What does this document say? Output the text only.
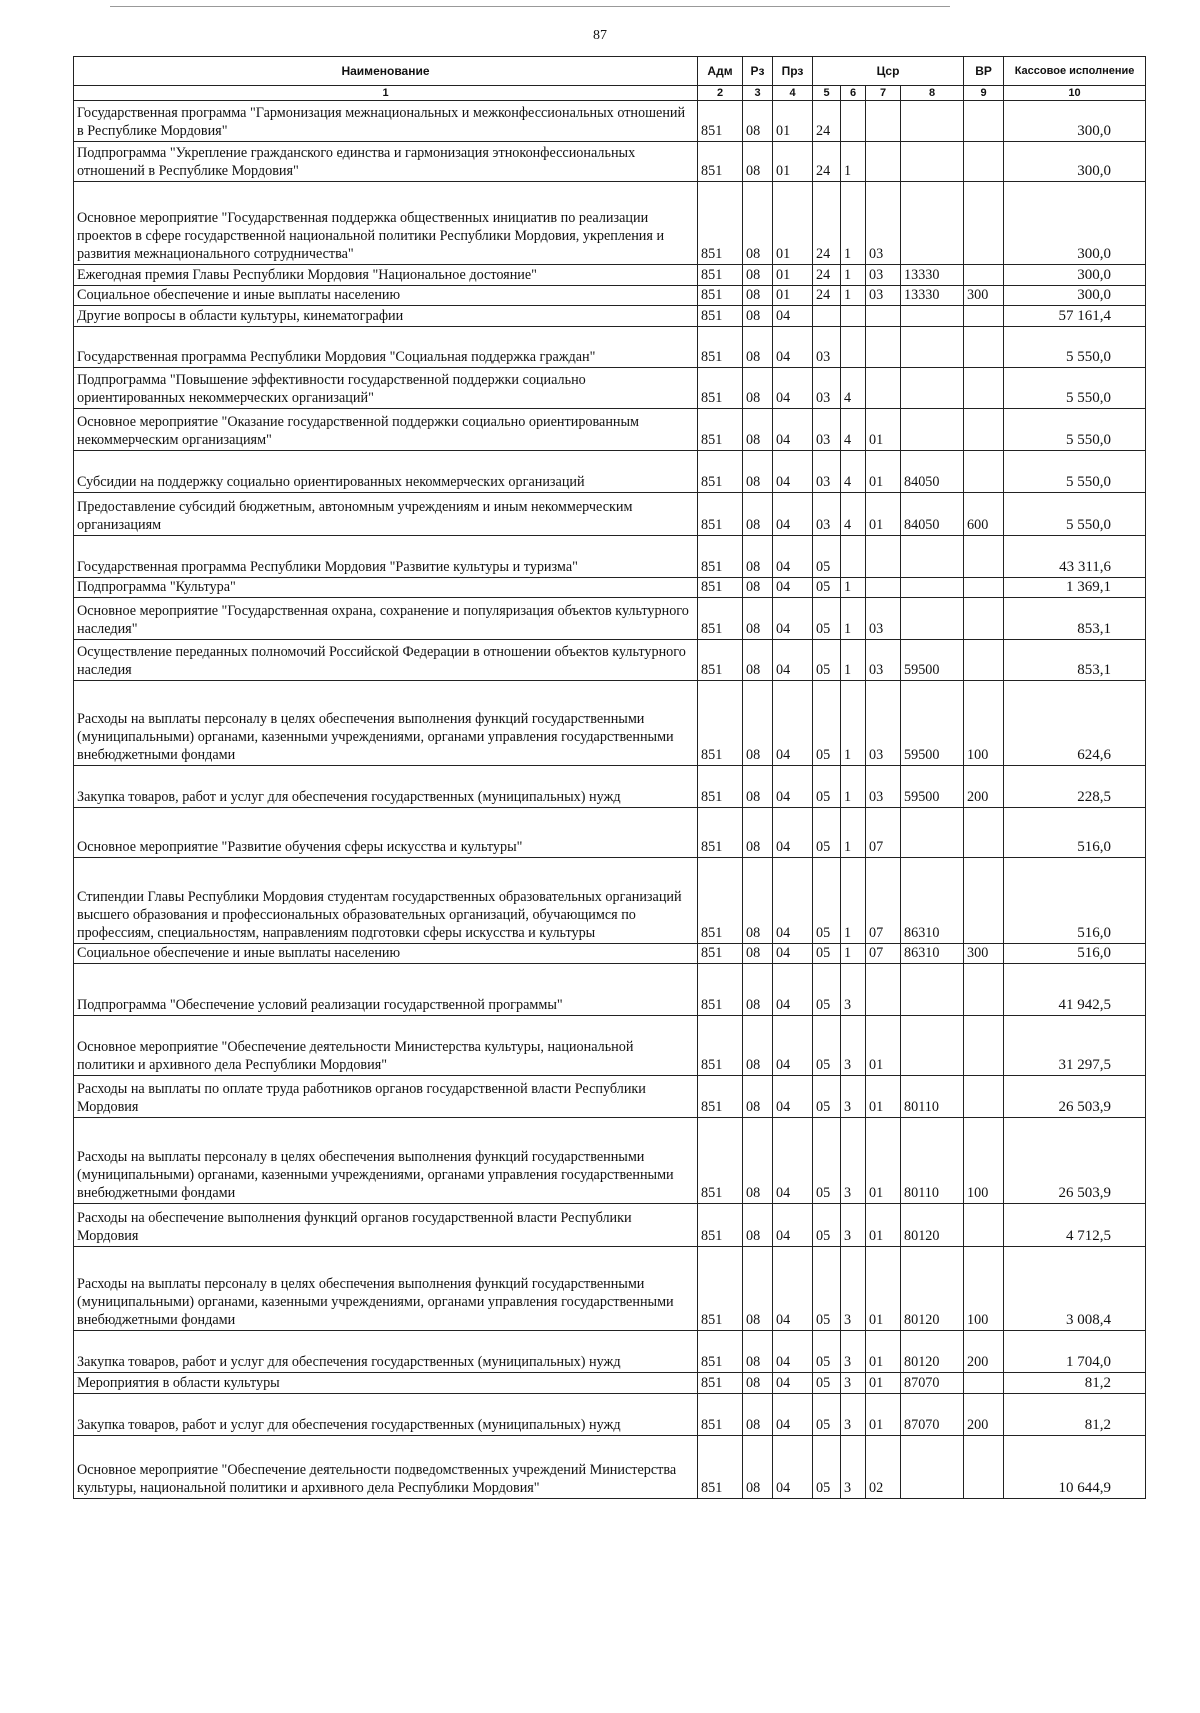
87
Наименование	Адм	Рз	Прз	Цср				ВР	Кассовое исполнение
1	2	3	4	5	6	7	8	9	10
Государственная программа "Гармонизация межнациональных и межконфессиональных отношений в Республике Мордовия"	851	08	01	24					300,0
Подпрограмма "Укрепление гражданского единства и гармонизация этноконфессиональных отношений в Республике Мордовия"	851	08	01	24	1				300,0
Основное мероприятие "Государственная поддержка общественных инициатив по реализации проектов в сфере государственной национальной политики Республики Мордовия, укрепления и развития межнационального сотрудничества"	851	08	01	24	1	03			300,0
Ежегодная премия Главы Республики Мордовия "Национальное достояние"	851	08	01	24	1	03	13330		300,0
Социальное обеспечение и иные выплаты населению	851	08	01	24	1	03	13330	300	300,0
Другие вопросы в области культуры, кинематографии	851	08	04						57 161,4
Государственная программа Республики Мордовия "Социальная поддержка граждан"	851	08	04	03					5 550,0
Подпрограмма "Повышение эффективности государственной поддержки социально ориентированных некоммерческих организаций"	851	08	04	03	4				5 550,0
Основное мероприятие "Оказание государственной поддержки социально ориентированным некоммерческим организациям"	851	08	04	03	4	01			5 550,0
Субсидии на поддержку социально ориентированных некоммерческих организаций	851	08	04	03	4	01	84050		5 550,0
Предоставление субсидий бюджетным, автономным учреждениям и иным некоммерческим организациям	851	08	04	03	4	01	84050	600	5 550,0
Государственная программа Республики Мордовия "Развитие культуры и туризма"	851	08	04	05					43 311,6
Подпрограмма "Культура"	851	08	04	05	1				1 369,1
Основное мероприятие "Государственная охрана, сохранение и популяризация объектов культурного наследия"	851	08	04	05	1	03			853,1
Осуществление переданных полномочий Российской Федерации в отношении объектов культурного наследия	851	08	04	05	1	03	59500		853,1
Расходы на выплаты персоналу в целях обеспечения выполнения функций государственными (муниципальными) органами, казенными учреждениями, органами управления государственными внебюджетными фондами	851	08	04	05	1	03	59500	100	624,6
Закупка товаров, работ и услуг для обеспечения государственных (муниципальных) нужд	851	08	04	05	1	03	59500	200	228,5
Основное мероприятие "Развитие обучения сферы искусства и культуры"	851	08	04	05	1	07			516,0
Стипендии Главы Республики Мордовия студентам государственных образовательных организаций высшего образования и профессиональных образовательных организаций, обучающимся по профессиям, специальностям, направлениям подготовки сферы искусства и культуры	851	08	04	05	1	07	86310		516,0
Социальное обеспечение и иные выплаты населению	851	08	04	05	1	07	86310	300	516,0
Подпрограмма "Обеспечение условий реализации государственной программы"	851	08	04	05	3				41 942,5
Основное мероприятие "Обеспечение деятельности Министерства культуры, национальной политики и архивного дела Республики Мордовия"	851	08	04	05	3	01			31 297,5
Расходы на выплаты по оплате труда работников органов государственной власти Республики Мордовия	851	08	04	05	3	01	80110		26 503,9
Расходы на выплаты персоналу в целях обеспечения выполнения функций государственными (муниципальными) органами, казенными учреждениями, органами управления государственными внебюджетными фондами	851	08	04	05	3	01	80110	100	26 503,9
Расходы на обеспечение выполнения функций органов государственной власти Республики Мордовия	851	08	04	05	3	01	80120		4 712,5
Расходы на выплаты персоналу в целях обеспечения выполнения функций государственными (муниципальными) органами, казенными учреждениями, органами управления государственными внебюджетными фондами	851	08	04	05	3	01	80120	100	3 008,4
Закупка товаров, работ и услуг для обеспечения государственных (муниципальных) нужд	851	08	04	05	3	01	80120	200	1 704,0
Мероприятия в области культуры	851	08	04	05	3	01	87070		81,2
Закупка товаров, работ и услуг для обеспечения государственных (муниципальных) нужд	851	08	04	05	3	01	87070	200	81,2
Основное мероприятие "Обеспечение деятельности подведомственных учреждений Министерства культуры, национальной политики и архивного дела Республики Мордовия"	851	08	04	05	3	02			10 644,9
